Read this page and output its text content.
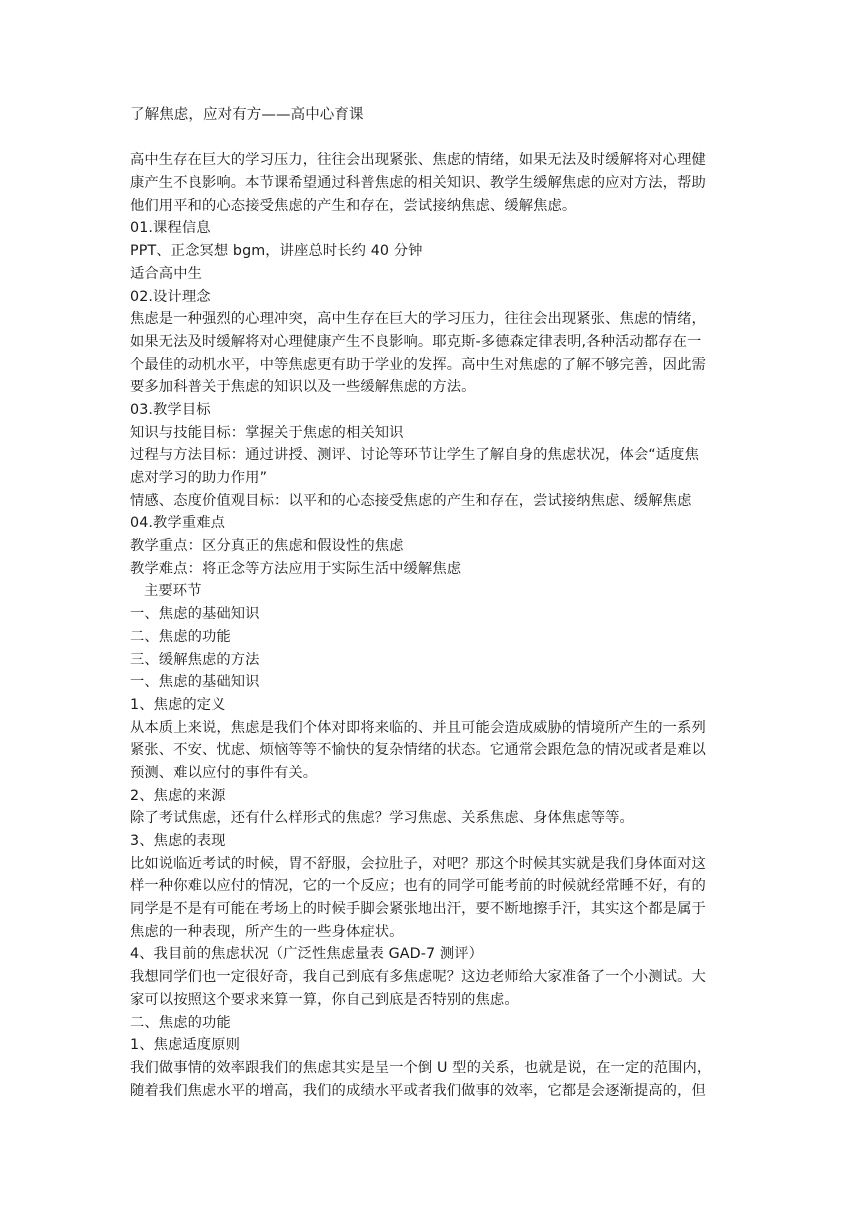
了解焦虑，应对有方——高中心育课
高中生存在巨大的学习压力，往往会出现紧张、焦虑的情绪，如果无法及时缓解将对心理健
康产生不良影响。本节课希望通过科普焦虑的相关知识、教学生缓解焦虑的应对方法，帮助
他们用平和的心态接受焦虑的产生和存在，尝试接纳焦虑、缓解焦虑。
01.课程信息
PPT、正念冥想 bgm，讲座总时长约 40 分钟
适合高中生
02.设计理念
焦虑是一种强烈的心理冲突，高中生存在巨大的学习压力，往往会出现紧张、焦虑的情绪，
如果无法及时缓解将对心理健康产生不良影响。耶克斯-多德森定律表明,各种活动都存在一
个最佳的动机水平，中等焦虑更有助于学业的发挥。高中生对焦虑的了解不够完善，因此需
要多加科普关于焦虑的知识以及一些缓解焦虑的方法。
03.教学目标
知识与技能目标：掌握关于焦虑的相关知识
过程与方法目标：通过讲授、测评、讨论等环节让学生了解自身的焦虑状况，体会“适度焦
虑对学习的助力作用”
情感、态度价值观目标：以平和的心态接受焦虑的产生和存在，尝试接纳焦虑、缓解焦虑
04.教学重难点
教学重点：区分真正的焦虑和假设性的焦虑
教学难点：将正念等方法应用于实际生活中缓解焦虑
主要环节
一、焦虑的基础知识
二、焦虑的功能
三、缓解焦虑的方法
一、焦虑的基础知识
1、焦虑的定义
从本质上来说，焦虑是我们个体对即将来临的、并且可能会造成威胁的情境所产生的一系列
紧张、不安、忧虑、烦恼等等不愉快的复杂情绪的状态。它通常会跟危急的情况或者是难以
预测、难以应付的事件有关。
2、焦虑的来源
除了考试焦虑，还有什么样形式的焦虑？学习焦虑、关系焦虑、身体焦虑等等。
3、焦虑的表现
比如说临近考试的时候，胃不舒服，会拉肚子，对吧？那这个时候其实就是我们身体面对这
样一种你难以应付的情况，它的一个反应；也有的同学可能考前的时候就经常睡不好，有的
同学是不是有可能在考场上的时候手脚会紧张地出汗，要不断地擦手汗，其实这个都是属于
焦虑的一种表现，所产生的一些身体症状。
4、我目前的焦虑状况（广泛性焦虑量表 GAD-7 测评）
我想同学们也一定很好奇，我自己到底有多焦虑呢？这边老师给大家准备了一个小测试。大
家可以按照这个要求来算一算，你自己到底是否特别的焦虑。
二、焦虑的功能
1、焦虑适度原则
我们做事情的效率跟我们的焦虑其实是呈一个倒 U 型的关系，也就是说，在一定的范围内，
随着我们焦虑水平的增高，我们的成绩水平或者我们做事的效率，它都是会逐渐提高的，但
